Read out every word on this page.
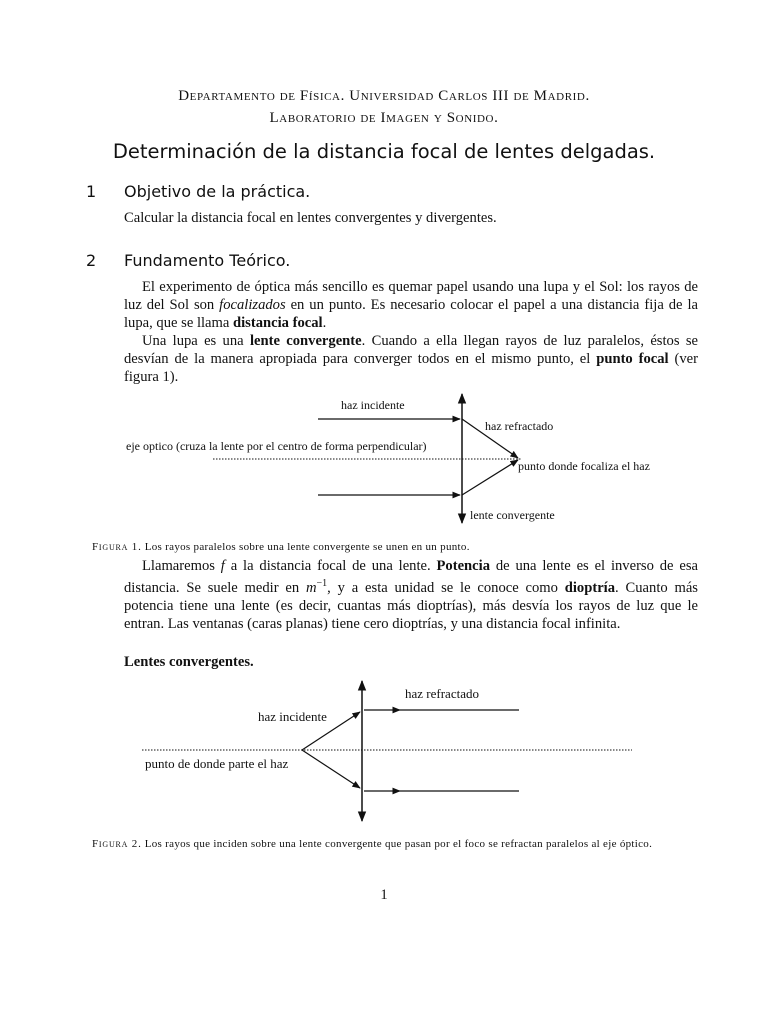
Departamento de Física. Universidad Carlos III de Madrid.
Laboratorio de Imagen y Sonido.
Determinación de la distancia focal de lentes delgadas.
1 Objetivo de la práctica.

Calcular la distancia focal en lentes convergentes y divergentes.

2 Fundamento Teórico.

El experimento de óptica más sencillo es quemar papel usando una lupa y el Sol: los rayos de luz del Sol son focalizados en un punto. Es necesario colocar el papel a una distancia fija de la lupa, que se llama distancia focal.

Una lupa es una lente convergente. Cuando a ella llegan rayos de luz paralelos, éstos se desvían de la manera apropiada para converger todos en el mismo punto, el punto focal (ver figura 1).

haz incidente
haz refractado
eje optico (cruza la lente por el centro de forma perpendicular)
punto donde focaliza el haz
lente convergente
Figura 1. Los rayos paralelos sobre una lente convergente se unen en un punto.

Llamaremos f a la distancia focal de una lente. Potencia de una lente es el inverso de esa distancia. Se suele medir en $m^{-1}$, y a esta unidad se le conoce como dioptría. Cuanto más potencia tiene una lente (es decir, cuantas más dioptrías), más desvía los rayos de luz que le entran. Las ventanas (caras planas) tiene cero dioptrías, y una distancia focal infinita.

Lentes convergentes.
haz refractado
haz incidente
punto de donde parte el haz
Figura 2. Los rayos que inciden sobre una lente convergente que pasan por el foco se refractan paralelos al eje óptico.
1
